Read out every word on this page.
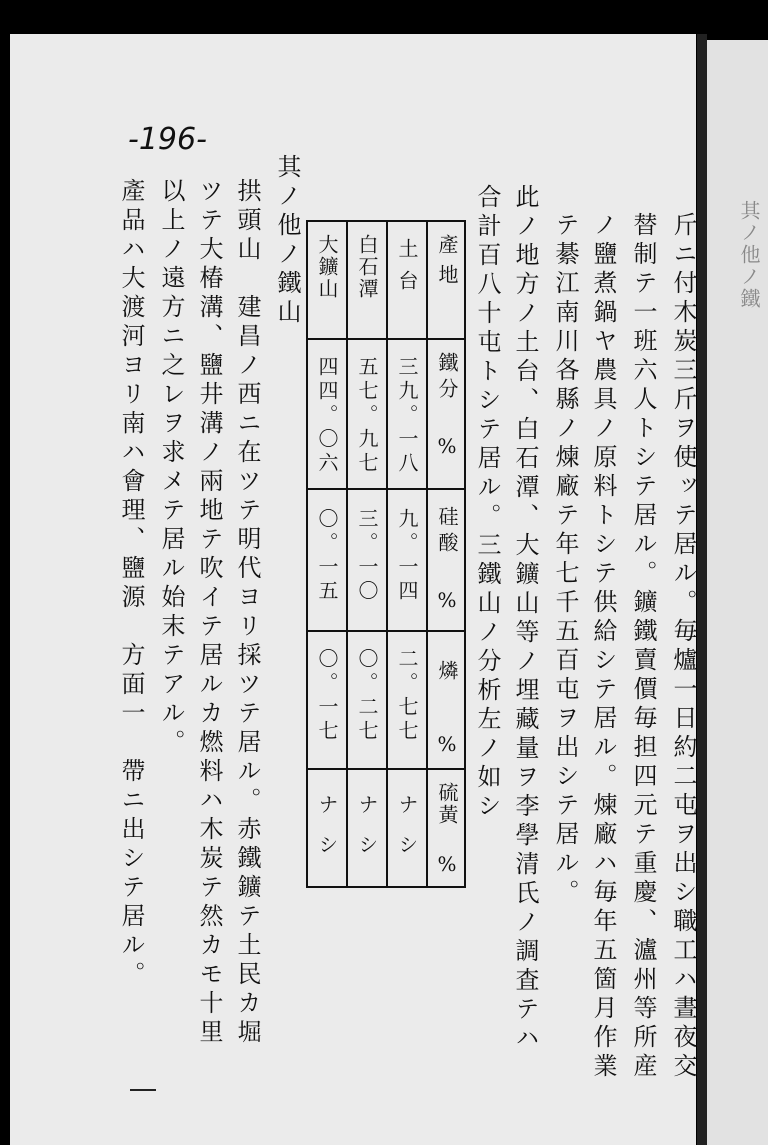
-196-
斤ニ付木炭三斤ヲ使ッテ居ル。毎爐一日約二屯ヲ出シ職工ハ晝夜交
替制テ一班六人トシテ居ル。鑛鐵賣價毎担四元テ重慶、瀘州等所産
ノ鹽煮鍋ヤ農具ノ原料トシテ供給シテ居ル。煉廠ハ毎年五箇月作業
テ綦江南川各縣ノ煉廠テ年七千五百屯ヲ出シテ居ル。
此ノ地方ノ土台、白石潭、大鑛山等ノ埋藏量ヲ李學清氏ノ調査テハ
合計百八十屯トシテ居ル。三鐵山ノ分析左ノ如シ
產地
鐵分 %
硅酸 %
燐 %
硫黃 %
土台
三九。一八
九。一四
二。七七
ナシ
白石潭
五七。九七
三。一〇
〇。二七
ナシ
大鑛山
四四。〇六
〇。一五
〇。一七
ナシ
其ノ他ノ鐵山
拱頭山　建昌ノ西ニ在ツテ明代ヨリ採ツテ居ル。赤鐵鑛テ土民カ堀
ツテ大椿溝、鹽井溝ノ兩地テ吹イテ居ルカ燃料ハ木炭テ然カモ十里
以上ノ遠方ニ之レヲ求メテ居ル始末テアル。
產品ハ大渡河ヨリ南ハ會理、鹽源　方面一　帶ニ出シテ居ル。	其ノ他ノ鐵
